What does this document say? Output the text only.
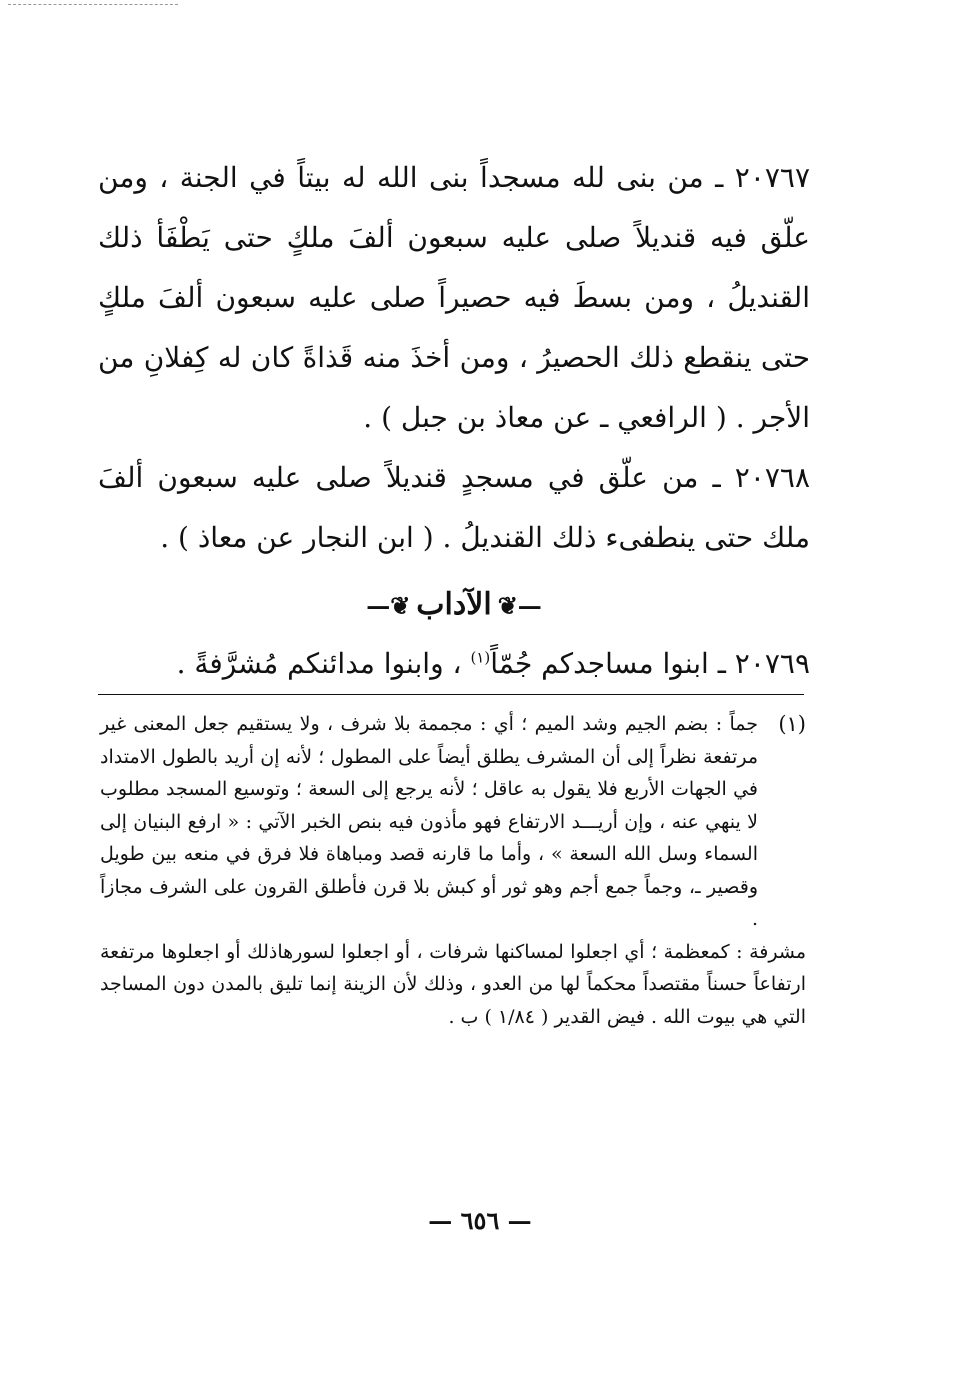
٢٠٧٦٧ ـ من بنى لله مسجداً بنى الله له بيتاً في الجنة ، ومن علّق فيه قنديلاً صلى عليه سبعون ألفَ ملكٍ حتى يَطْفَأ ذلك القنديلُ ، ومن بسطَ فيه حصيراً صلى عليه سبعون ألفَ ملكٍ حتى ينقطع ذلك الحصيرُ ، ومن أخذَ منه قَذاةً كان له كِفلانِ من الأجر . ( الرافعي ـ عن معاذ بن جبل ) .

٢٠٧٦٨ ـ من علّق في مسجدٍ قنديلاً صلى عليه سبعون ألفَ ملك حتى ينطفىء ذلك القنديلُ . ( ابن النجار عن معاذ ) .

—❦الآداب❦—

٢٠٧٦٩ ـ ابنوا مساجدكم جُمّاً$^{(١)}$ ، وابنوا مدائنكم مُشرَّفةً .

(١)

جماً : بضم الجيم وشد الميم ؛ أي : مجممة بلا شرف ، ولا يستقيم جعل المعنى غير مرتفعة نظراً إلى أن المشرف يطلق أيضاً على المطول ؛ لأنه إن أريد بالطول الامتداد في الجهات الأربع فلا يقول به عاقل ؛ لأنه يرجع إلى السعة ؛ وتوسيع المسجد مطلوب لا ينهي عنه ، وإن أريـــد الارتفاع فهو مأذون فيه بنص الخبر الآتي : « ارفع البنيان إلى السماء وسل الله السعة » ، وأما ما قارنه قصد ومباهاة فلا فرق في منعه بين طويل وقصير ـ، وجماً جمع أجم وهو ثور أو كبش بلا قرن فأطلق القرون على الشرف مجازاً .

مشرفة : كمعظمة ؛ أي اجعلوا لمساكنها شرفات ، أو اجعلوا لسورهاذلك أو اجعلوها مرتفعة ارتفاعاً حسناً مقتصداً محكماً لها من العدو ، وذلك لأن الزينة إنما تليق بالمدن دون المساجد التي هي بيوت الله . فيض القدير ( ١/٨٤ ) ب .

— ٦٥٦ —
